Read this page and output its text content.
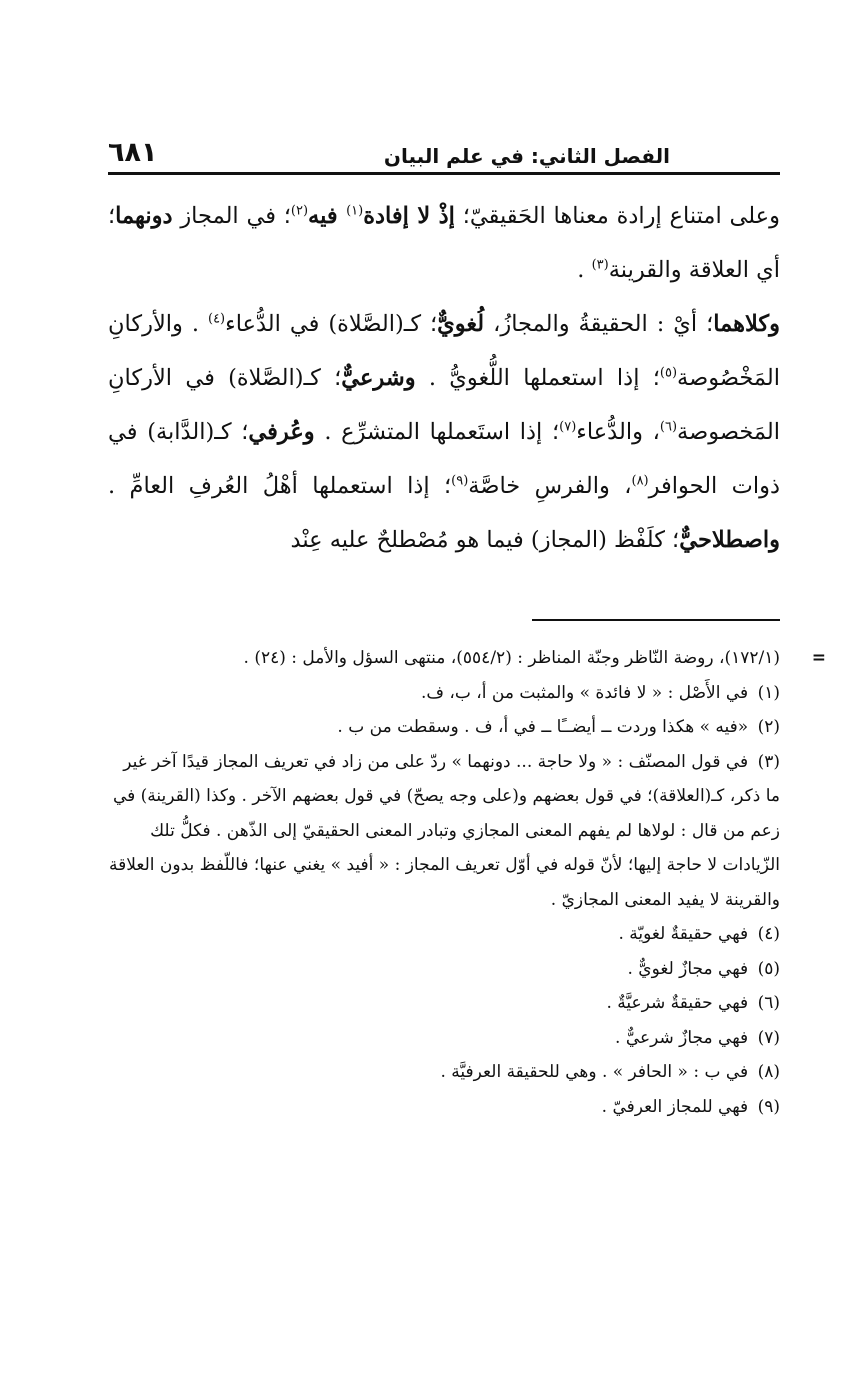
الفصل الثاني: في علم البيان
٦٨١

وعلى امتناع إرادة معناها الحَقيقيّ؛ إذْ لا إفادة$^{(١)}$ فيه$^{(٢)}$؛ في المجاز دونهما؛ أي العلاقة والقرينة$^{(٣)}$ .

وكلاهما؛ أيْ : الحقيقةُ والمجازُ، لُغويٌّ؛ كـ(الصَّلاة) في الدُّعاء$^{(٤)}$ . والأركانِ المَخْصُوصة$^{(٥)}$؛ إذا استعملها اللُّغويُّ . وشرعيٌّ؛ كـ(الصَّلاة) في الأركانِ المَخصوصة$^{(٦)}$، والدُّعاء$^{(٧)}$؛ إذا استَعملها المتشرِّع . وعُرفي؛ كـ(الدَّابة) في ذوات الحوافر$^{(٨)}$، والفرسِ خاصَّة$^{(٩)}$؛ إذا استعملها أهْلُ العُرفِ العامِّ . واصطلاحيٌّ؛ كلَفْظ (المجاز) فيما هو مُصْطلحٌ عليه عِنْد

=
(١٧٢/١)، روضة النّاظر وجنّة المناظر : (٥٥٤/٢)، منتهى السؤل والأمل : (٢٤) .

(١) في الأَصْل : « لا فائدة » والمثبت من أ، ب، ف.

(٢) «فيه » هكذا وردت ــ أيضــًا ــ في أ، ف . وسقطت من ب .

(٣) في قول المصنّف : « ولا حاجة ... دونهما » ردّ على من زاد في تعريف المجاز قيدًا آخر غير ما ذكر، كـ(العلاقة)؛ في قول بعضهم و(على وجه يصحّ) في قول بعضهم الآخر . وكذا (القرينة) في زعم من قال : لولاها لم يفهم المعنى المجازي وتبادر المعنى الحقيقيّ إلى الذّهن . فكلُّ تلك الزّيادات لا حاجة إليها؛ لأنّ قوله في أوّل تعريف المجاز : « أفيد » يغني عنها؛ فاللّفظ بدون العلاقة والقرينة لا يفيد المعنى المجازيّ .

(٤) فهي حقيقةٌ لغويّة .

(٥) فهي مجازٌ لغويٌّ .

(٦) فهي حقيقةٌ شرعيَّةٌ .

(٧) فهي مجازٌ شرعيٌّ .

(٨) في ب : « الحافر » . وهي للحقيقة العرفيَّة .

(٩) فهي للمجاز العرفيّ .
